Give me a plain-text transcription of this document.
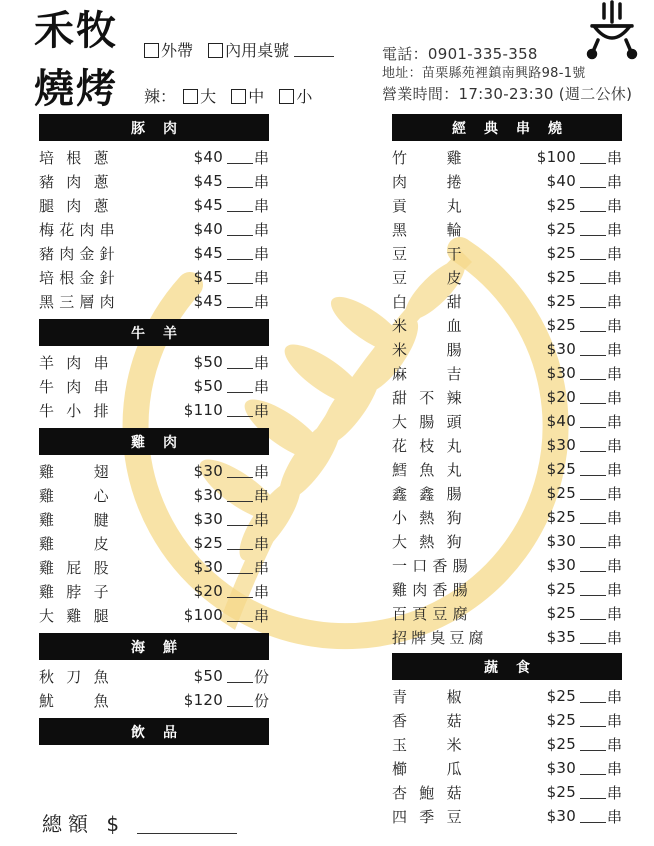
禾牧
燒烤
外帶 內用桌號
辣： 大 中 小
電話：0901-335-358
地址：苗栗縣苑裡鎮南興路98-1號
營業時間：17:30-23:30 (週二公休)
豚肉
培 根 蔥	$40 串
豬 肉 蔥	$45 串
腿 肉 蔥	$45 串
梅 花 肉 串	$40 串
豬 肉 金 針	$45 串
培 根 金 針	$45 串
黑 三 層 肉	$45 串
牛羊
羊 肉 串	$50 串
牛 肉 串	$50 串
牛 小 排	$110 串
雞肉
雞	翅	$30 串
雞	心	$30 串
雞	腱	$30 串
雞	皮	$25 串
雞 屁 股	$30 串
雞 脖 子	$20 串
大 雞 腿	$100 串
海鮮
秋 刀 魚	$50 份
魷	魚	$120 份
飲品
經典串燒
竹	雞	$100 串
肉	捲	$40 串
貢	丸	$25 串
黑	輪	$25 串
豆	干	$25 串
豆	皮	$25 串
白	甜	$25 串
米	血	$25 串
米	腸	$30 串
麻	吉	$30 串
甜 不 辣	$20 串
大 腸 頭	$40 串
花 枝 丸	$30 串
鱈 魚 丸	$25 串
鑫 鑫 腸	$25 串
小 熱 狗	$25 串
大 熱 狗	$30 串
一 口 香 腸	$30 串
雞 肉 香 腸	$25 串
百 頁 豆 腐	$25 串
招 牌 臭 豆 腐	$35 串
蔬食
青	椒	$25 串
香	菇	$25 串
玉	米	$25 串
櫛	瓜	$30 串
杏 鮑 菇	$25 串
四 季 豆	$30 串
總額 $
